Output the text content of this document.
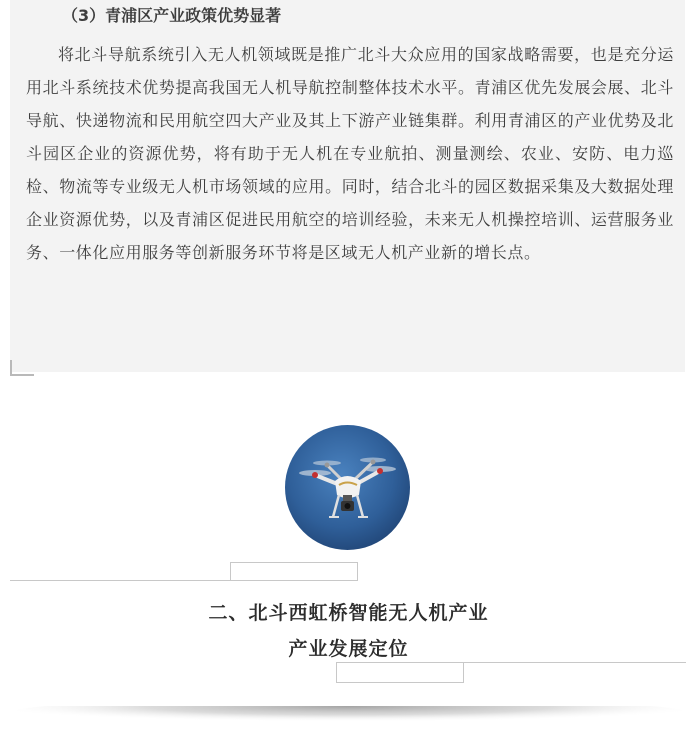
（3）青浦区产业政策优势显著

将北斗导航系统引入无人机领域既是推广北斗大众应用的国家战略需要，也是充分运用北斗系统技术优势提高我国无人机导航控制整体技术水平。青浦区优先发展会展、北斗导航、快递物流和民用航空四大产业及其上下游产业链集群。利用青浦区的产业优势及北斗园区企业的资源优势，将有助于无人机在专业航拍、测量测绘、农业、安防、电力巡检、物流等专业级无人机市场领域的应用。同时，结合北斗的园区数据采集及大数据处理企业资源优势，以及青浦区促进民用航空的培训经验，未来无人机操控培训、运营服务业务、一体化应用服务等创新服务环节将是区域无人机产业新的增长点。

二、北斗西虹桥智能无人机产业
产业发展定位
